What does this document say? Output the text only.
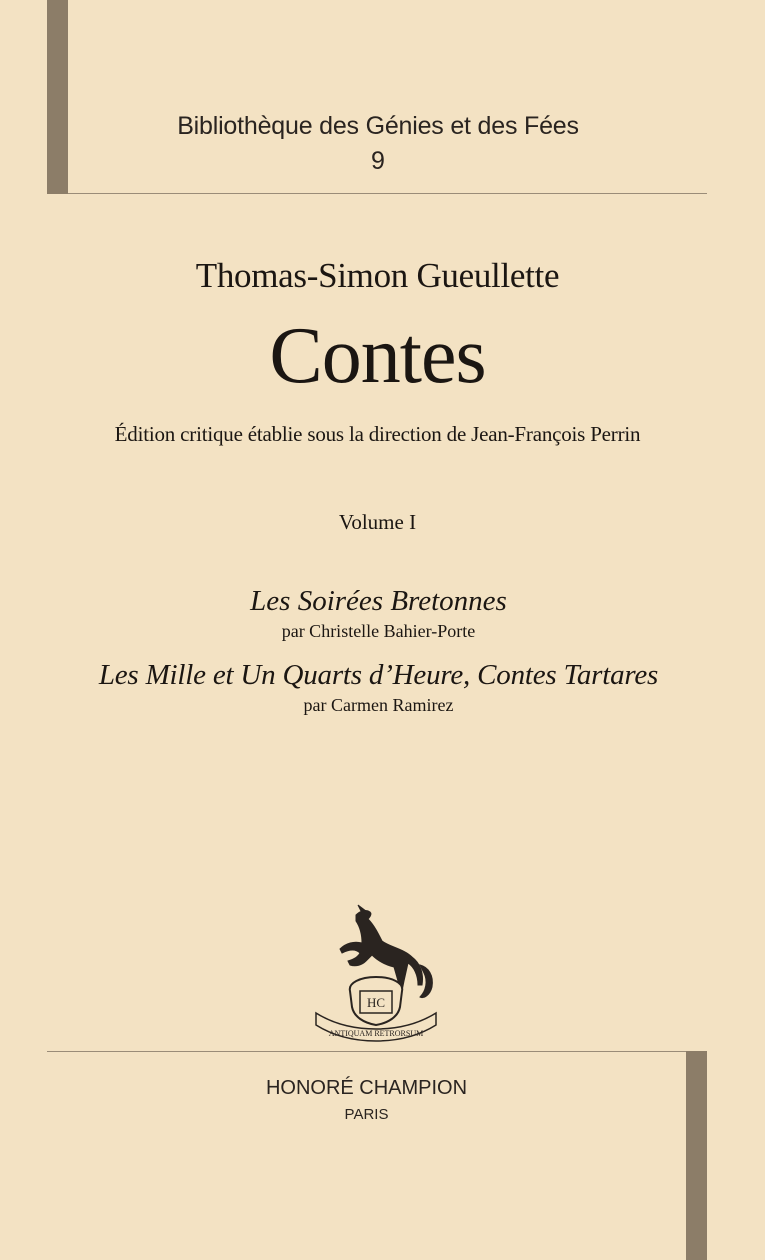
Bibliothèque des Génies et des Fées
9
Thomas-Simon Gueullette
Contes
Édition critique établie sous la direction de Jean-François Perrin
Volume I
Les Soirées Bretonnes
par Christelle Bahier-Porte
Les Mille et Un Quarts d’Heure, Contes Tartares
par Carmen Ramirez
HC
ANTIQUAM RETRORSUM
HONORÉ CHAMPION
PARIS
